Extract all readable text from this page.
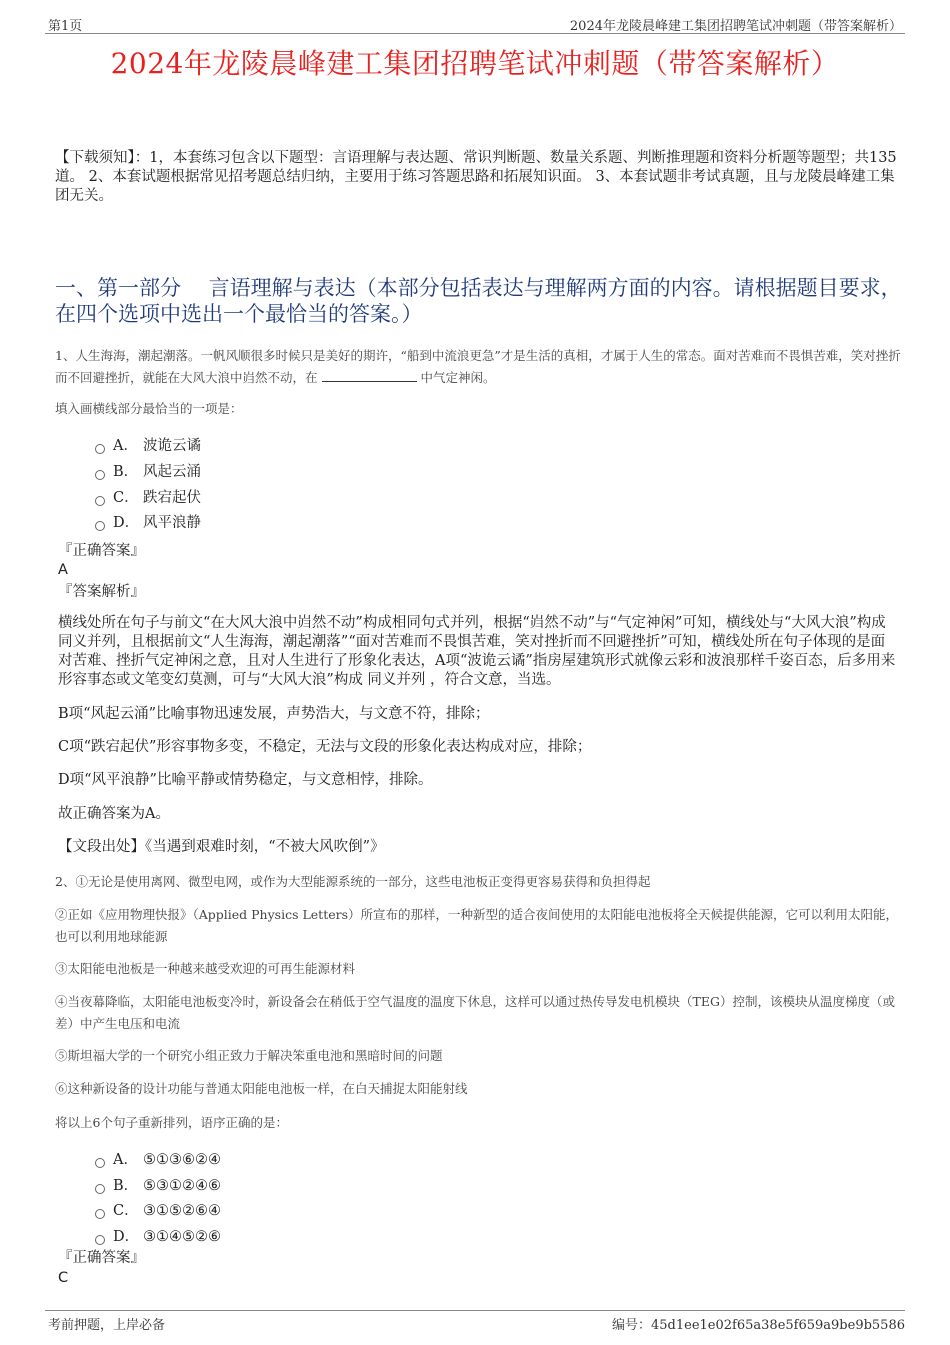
第1页	2024年龙陵晨峰建工集团招聘笔试冲刺题（带答案解析）
2024年龙陵晨峰建工集团招聘笔试冲刺题（带答案解析）
【下载须知】：1，本套练习包含以下题型：言语理解与表达题、常识判断题、数量关系题、判断推理题和资料分析题等题型；共135道。 2、本套试题根据常见招考题总结归纳，主要用于练习答题思路和拓展知识面。 3、本套试题非考试真题，且与龙陵晨峰建工集团无关。
一、第一部分　 言语理解与表达（本部分包括表达与理解两方面的内容。请根据题目要求，在四个选项中选出一个最恰当的答案。）
1、人生海海，潮起潮落。一帆风顺很多时候只是美好的期许，“船到中流浪更急”才是生活的真相，才属于人生的常态。面对苦难而不畏惧苦难，笑对挫折而不回避挫折，就能在大风大浪中岿然不动，在	中气定神闲。
填入画横线部分最恰当的一项是：
A． 波诡云谲
B． 风起云涌
C． 跌宕起伏
D． 风平浪静
『正确答案』
A
『答案解析』
横线处所在句子与前文“在大风大浪中岿然不动”构成相同句式并列，根据“岿然不动”与“气定神闲”可知，横线处与“大风大浪”构成同义并列，且根据前文“人生海海，潮起潮落”“面对苦难而不畏惧苦难，笑对挫折而不回避挫折”可知，横线处所在句子体现的是面对苦难、挫折气定神闲之意，且对人生进行了形象化表达，A项“波诡云谲”指房屋建筑形式就像云彩和波浪那样千姿百态，后多用来形容事态或文笔变幻莫测，可与“大风大浪”构成 同义并列 ，符合文意，当选。
B项“风起云涌”比喻事物迅速发展，声势浩大，与文意不符，排除；
C项“跌宕起伏”形容事物多变，不稳定，无法与文段的形象化表达构成对应，排除；
D项“风平浪静”比喻平静或情势稳定，与文意相悖，排除。
故正确答案为A。
【文段出处】《当遇到艰难时刻，“不被大风吹倒”》
2、①无论是使用离网、微型电网，或作为大型能源系统的一部分，这些电池板正变得更容易获得和负担得起
②正如《应用物理快报》（Applied Physics Letters）所宣布的那样，一种新型的适合夜间使用的太阳能电池板将全天候提供能源，它可以利用太阳能，也可以利用地球能源
③太阳能电池板是一种越来越受欢迎的可再生能源材料
④当夜幕降临，太阳能电池板变冷时，新设备会在稍低于空气温度的温度下休息，这样可以通过热传导发电机模块（TEG）控制，该模块从温度梯度（或差）中产生电压和电流
⑤斯坦福大学的一个研究小组正致力于解决笨重电池和黑暗时间的问题
⑥这种新设备的设计功能与普通太阳能电池板一样，在白天捕捉太阳能射线
将以上6个句子重新排列，语序正确的是：
A． ⑤①③⑥②④
B． ⑤③①②④⑥
C． ③①⑤②⑥④
D． ③①④⑤②⑥
『正确答案』
C
考前押题，上岸必备	编号：45d1ee1e02f65a38e5f659a9be9b5586
